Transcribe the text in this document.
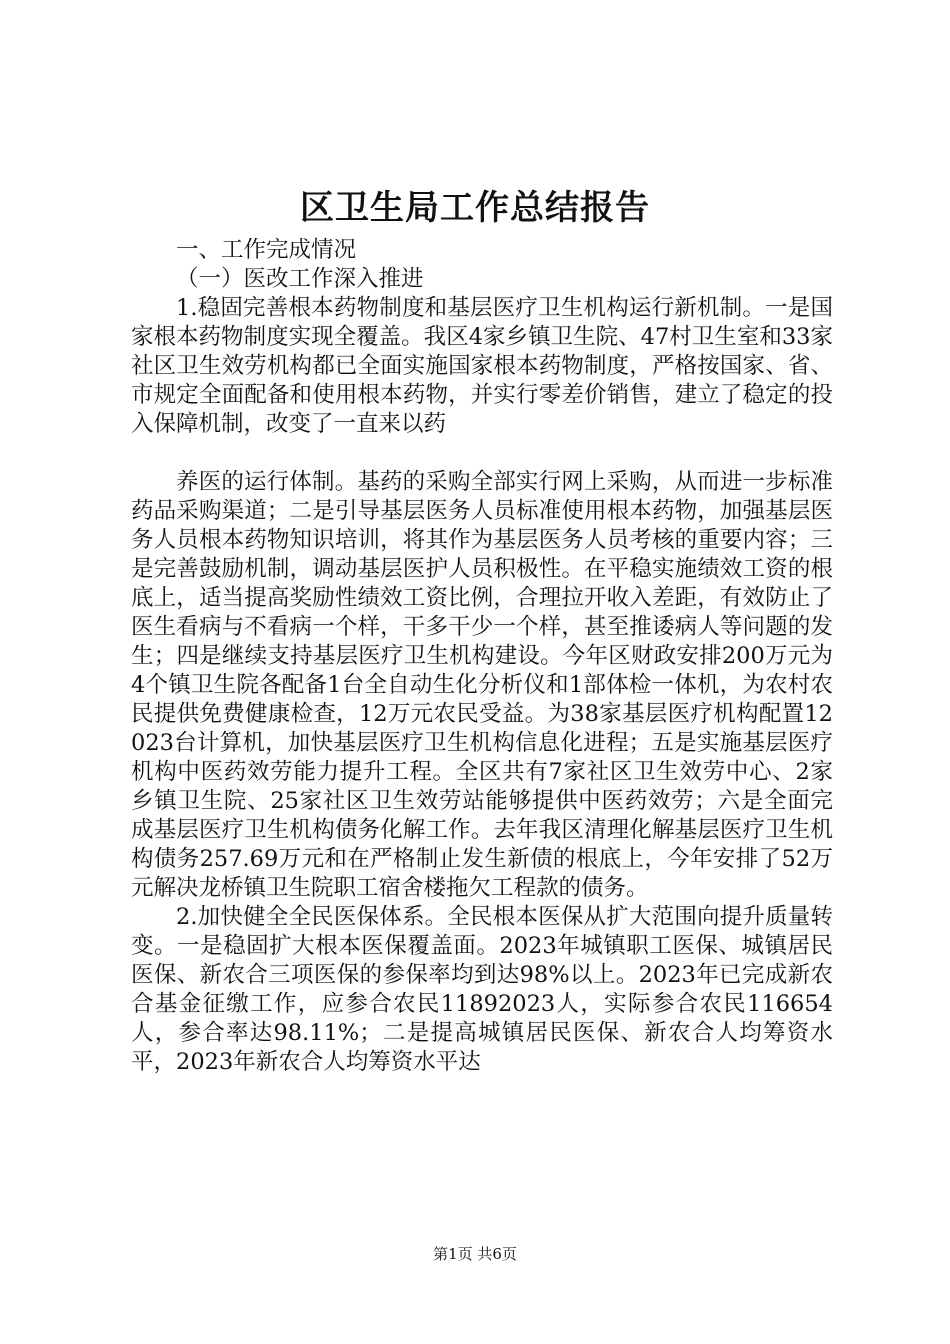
区卫生局工作总结报告

一、工作完成情况

（一）医改工作深入推进

1.稳固完善根本药物制度和基层医疗卫生机构运行新机制。一是国家根本药物制度实现全覆盖。我区4家乡镇卫生院、47村卫生室和33家社区卫生效劳机构都已全面实施国家根本药物制度，严格按国家、省、市规定全面配备和使用根本药物，并实行零差价销售，建立了稳定的投入保障机制，改变了一直来以药

养医的运行体制。基药的采购全部实行网上采购，从而进一步标准药品采购渠道；二是引导基层医务人员标准使用根本药物，加强基层医务人员根本药物知识培训，将其作为基层医务人员考核的重要内容；三是完善鼓励机制，调动基层医护人员积极性。在平稳实施绩效工资的根底上，适当提高奖励性绩效工资比例，合理拉开收入差距，有效防止了医生看病与不看病一个样，干多干少一个样，甚至推诿病人等问题的发生；四是继续支持基层医疗卫生机构建设。今年区财政安排200万元为4个镇卫生院各配备1台全自动生化分析仪和1部体检一体机，为农村农民提供免费健康检查，12万元农民受益。为38家基层医疗机构配置12023台计算机，加快基层医疗卫生机构信息化进程；五是实施基层医疗机构中医药效劳能力提升工程。全区共有7家社区卫生效劳中心、2家乡镇卫生院、25家社区卫生效劳站能够提供中医药效劳；六是全面完成基层医疗卫生机构债务化解工作。去年我区清理化解基层医疗卫生机构债务257.69万元和在严格制止发生新债的根底上，今年安排了52万元解决龙桥镇卫生院职工宿舍楼拖欠工程款的债务。

2.加快健全全民医保体系。全民根本医保从扩大范围向提升质量转变。一是稳固扩大根本医保覆盖面。2023年城镇职工医保、城镇居民医保、新农合三项医保的参保率均到达98%以上。2023年已完成新农合基金征缴工作，应参合农民11892023人，实际参合农民116654人，参合率达98.11%；二是提高城镇居民医保、新农合人均筹资水平，2023年新农合人均筹资水平达

第1页 共6页
